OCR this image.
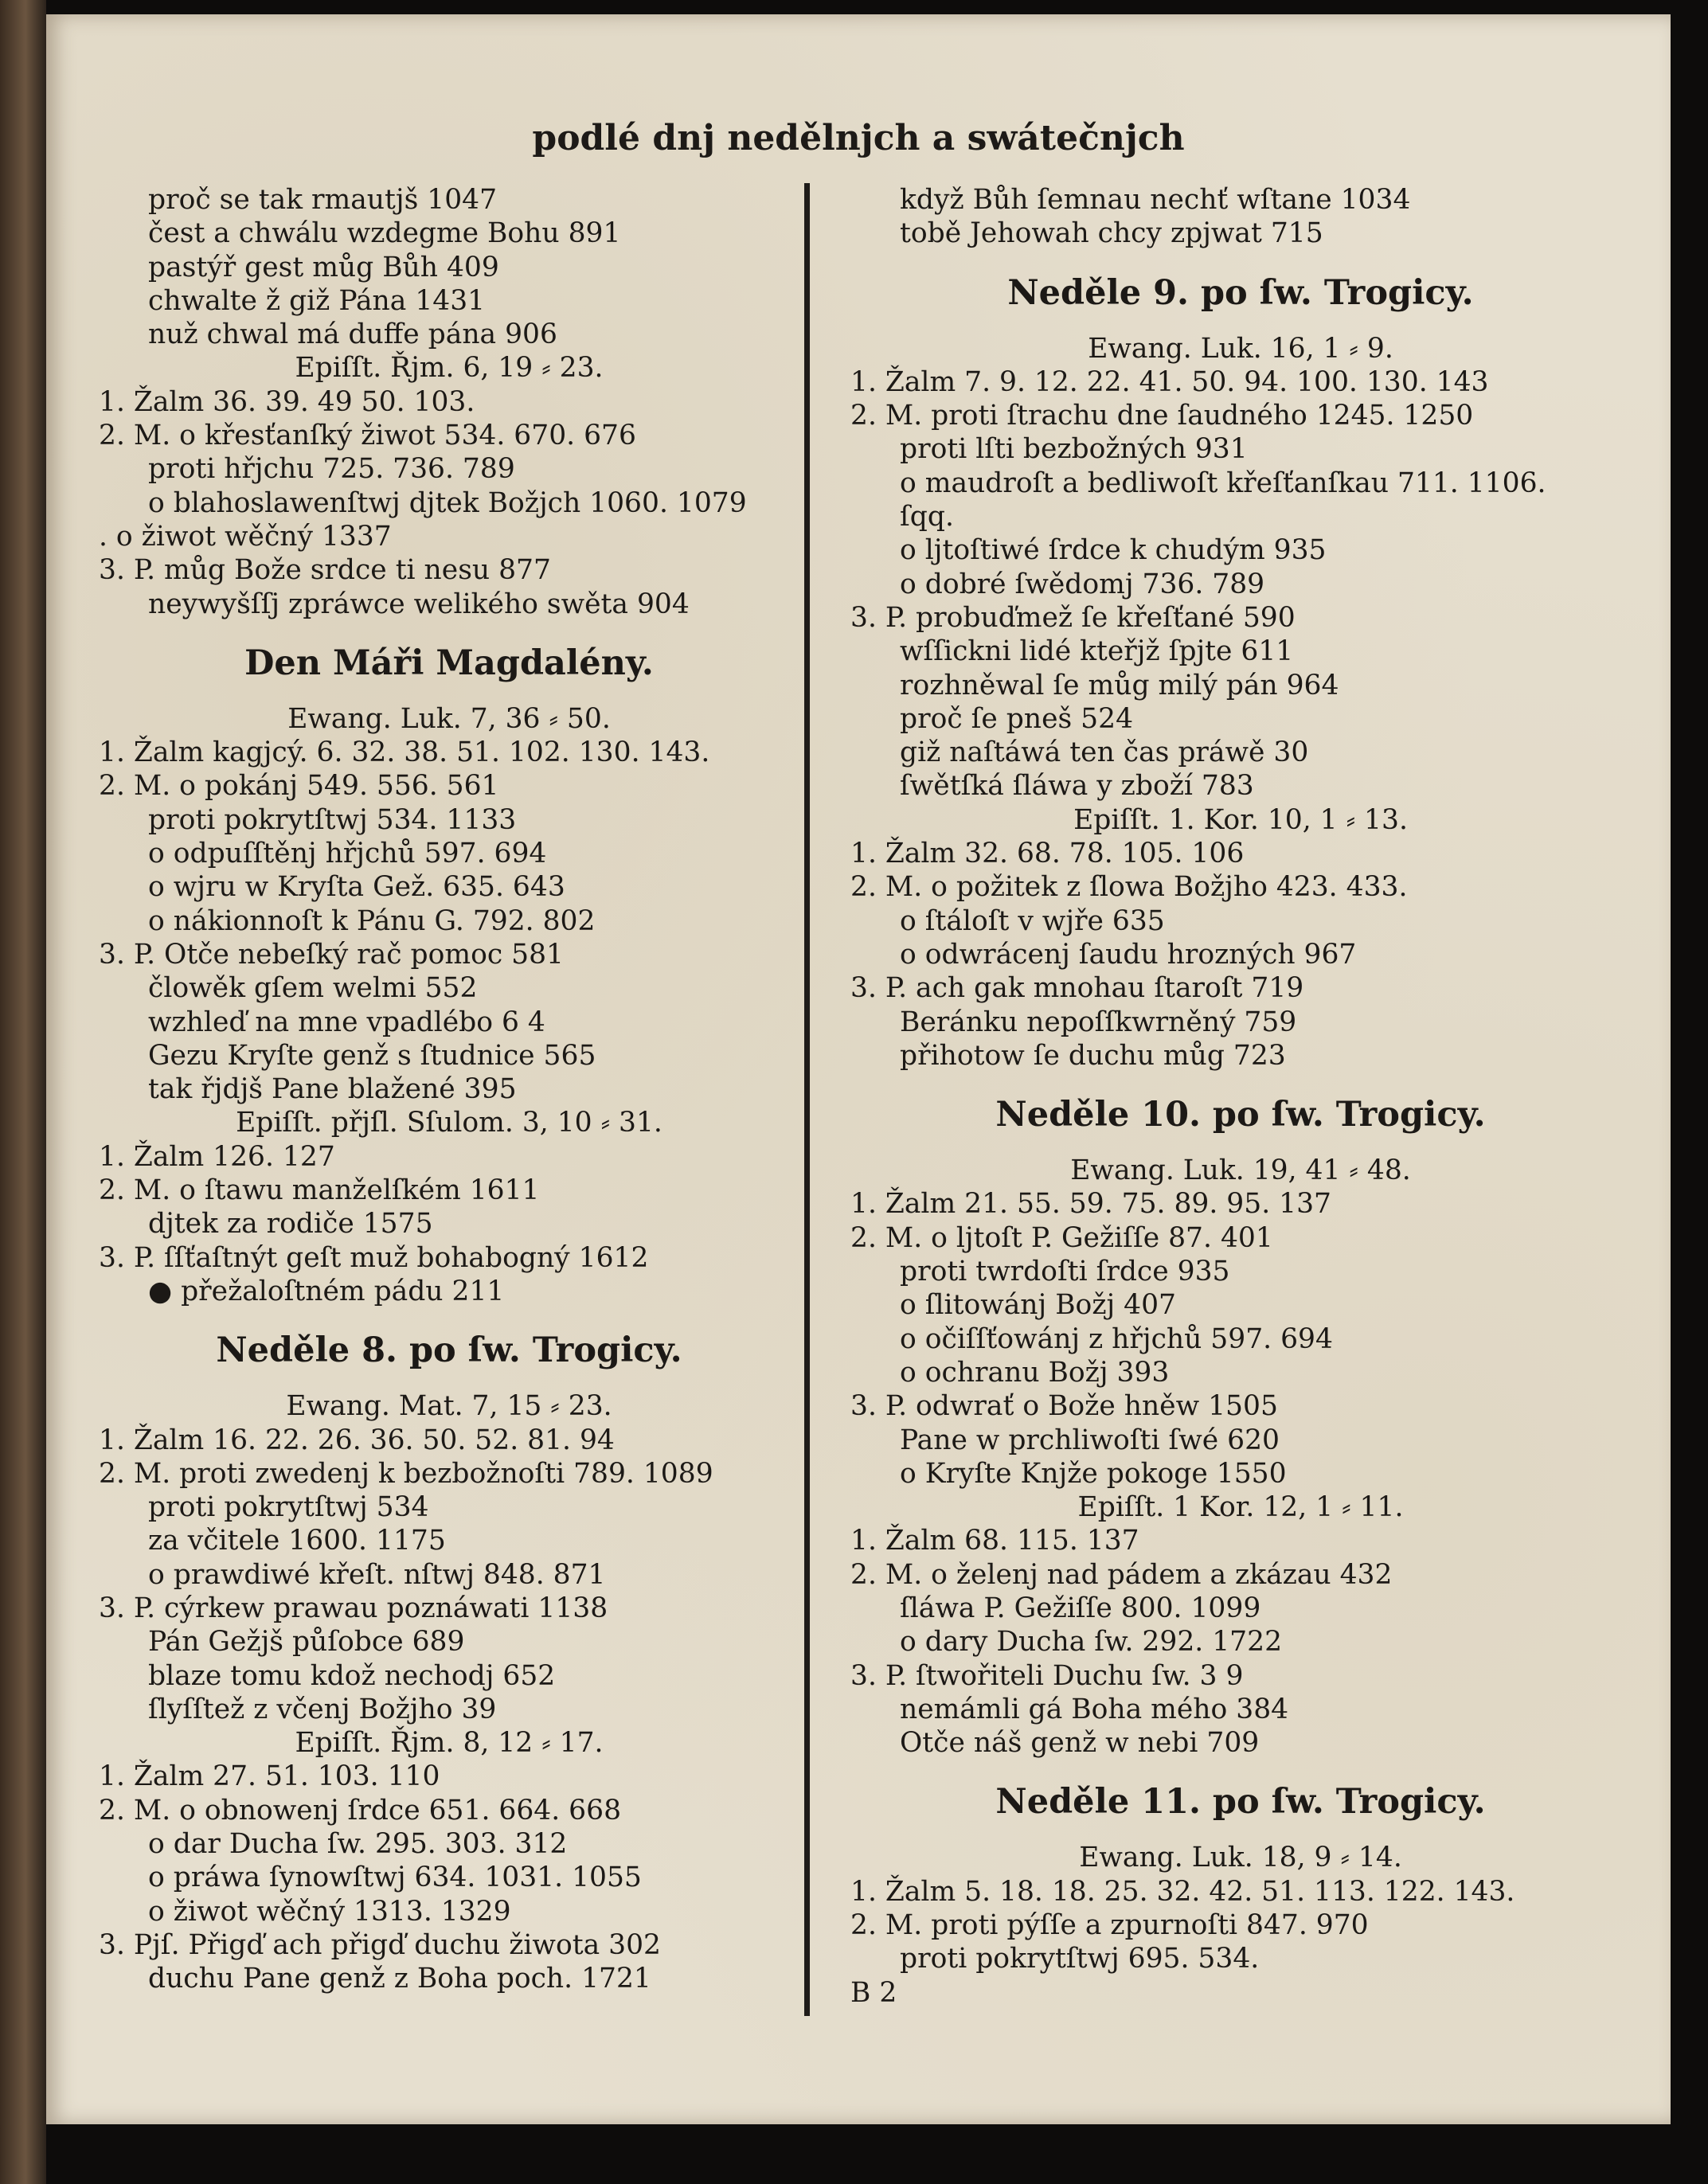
podlé dnj nedělnjch a swátečnjch
proč se tak rmautjš 1047
čest a chwálu wzdegme Bohu 891
pastýř gest můg Bůh 409
chwalte ž giž Pána 1431
nuž chwal má duffe pána 906
Epiſſt. Řjm. 6, 19 ⸗ 23.
1. Žalm 36. 39. 49 50. 103.
2. M. o křesťanſký žiwot 534. 670. 676
proti hřjchu 725. 736. 789
o blahoslawenſtwj djtek Božjch 1060. 1079
. o žiwot wěčný 1337
3. P. můg Bože srdce ti nesu 877
neywyšſſj zpráwce welikého swěta 904
Den Máři Magdalény.
Ewang. Luk. 7, 36 ⸗ 50.
1. Žalm kagjcý. 6. 32. 38. 51. 102. 130. 143.
2. M. o pokánj 549. 556. 561
proti pokrytſtwj 534. 1133
o odpuſſtěnj hřjchů 597. 694
o wjru w Kryſta Gež. 635. 643
o nákionnoſt k Pánu G. 792. 802
3. P. Otče nebeſký rač pomoc 581
člowěk gſem welmi 552
wzhleď na mne vpadlébo 6 4
Gezu Kryſte genž s ſtudnice 565
tak řjdjš Pane blažené 395
Epiſſt. přjſl. Sſulom. 3, 10 ⸗ 31.
1. Žalm 126. 127
2. M. o ſtawu manželſkém 1611
djtek za rodiče 1575
3. P. ſſťaſtnýt geſt muž bohabogný 1612
● přežaloſtném pádu 211
Neděle 8. po ſw. Trogicy.
Ewang. Mat. 7, 15 ⸗ 23.
1. Žalm 16. 22. 26. 36. 50. 52. 81. 94
2. M. proti zwedenj k bezbožnoſti 789. 1089
proti pokrytſtwj 534
za včitele 1600. 1175
o prawdiwé křeſt. nſtwj 848. 871
3. P. cýrkew prawau poznáwati 1138
Pán Gežjš půſobce 689
blaze tomu kdož nechodj 652
ſlyſſtež z včenj Božjho 39
Epiſſt. Řjm. 8, 12 ⸗ 17.
1. Žalm 27. 51. 103. 110
2. M. o obnowenj ſrdce 651. 664. 668
o dar Ducha ſw. 295. 303. 312
o práwa ſynowſtwj 634. 1031. 1055
o žiwot wěčný 1313. 1329
3. Pjſ. Přigď ach přigď duchu žiwota 302
duchu Pane genž z Boha poch. 1721
když Bůh ſemnau nechť wſtane 1034
tobě Jehowah chcy zpjwat 715
Neděle 9. po ſw. Trogicy.
Ewang. Luk. 16, 1 ⸗ 9.
1. Žalm 7. 9. 12. 22. 41. 50. 94. 100. 130. 143
2. M. proti ſtrachu dne ſaudného 1245. 1250
proti lſti bezbožných 931
o maudroſt a bedliwoſt křeſťanſkau 711. 1106.
ſqq.
o ljtoſtiwé ſrdce k chudým 935
o dobré ſwědomj 736. 789
3. P. probuďmež ſe křeſťané 590
wſſickni lidé kteřjž ſpjte 611
rozhněwal ſe můg milý pán 964
proč ſe pneš 524
giž naſtáwá ten čas práwě 30
ſwětſká ſláwa y zboží 783
Epiſſt. 1. Kor. 10, 1 ⸗ 13.
1. Žalm 32. 68. 78. 105. 106
2. M. o požitek z ſlowa Božjho 423. 433.
o ſtáloſt v wjře 635
o odwrácenj ſaudu hrozných 967
3. P. ach gak mnohau ſtaroſt 719
Beránku nepoſſkwrněný 759
přihotow ſe duchu můg 723
Neděle 10. po ſw. Trogicy.
Ewang. Luk. 19, 41 ⸗ 48.
1. Žalm 21. 55. 59. 75. 89. 95. 137
2. M. o ljtoſt P. Gežiſſe 87. 401
proti twrdoſti ſrdce 935
o ſlitowánj Božj 407
o očiſſťowánj z hřjchů 597. 694
o ochranu Božj 393
3. P. odwrať o Bože hněw 1505
Pane w prchliwoſti ſwé 620
o Kryſte Knjže pokoge 1550
Epiſſt. 1 Kor. 12, 1 ⸗ 11.
1. Žalm 68. 115. 137
2. M. o želenj nad pádem a zkázau 432
ſláwa P. Gežiſſe 800. 1099
o dary Ducha ſw. 292. 1722
3. P. ſtwořiteli Duchu ſw. 3 9
nemámli gá Boha mého 384
Otče náš genž w nebi 709
Neděle 11. po ſw. Trogicy.
Ewang. Luk. 18, 9 ⸗ 14.
1. Žalm 5. 18. 18. 25. 32. 42. 51. 113. 122. 143.
2. M. proti pýſſe a zpurnoſti 847. 970
proti pokrytſtwj 695. 534.
B 2
